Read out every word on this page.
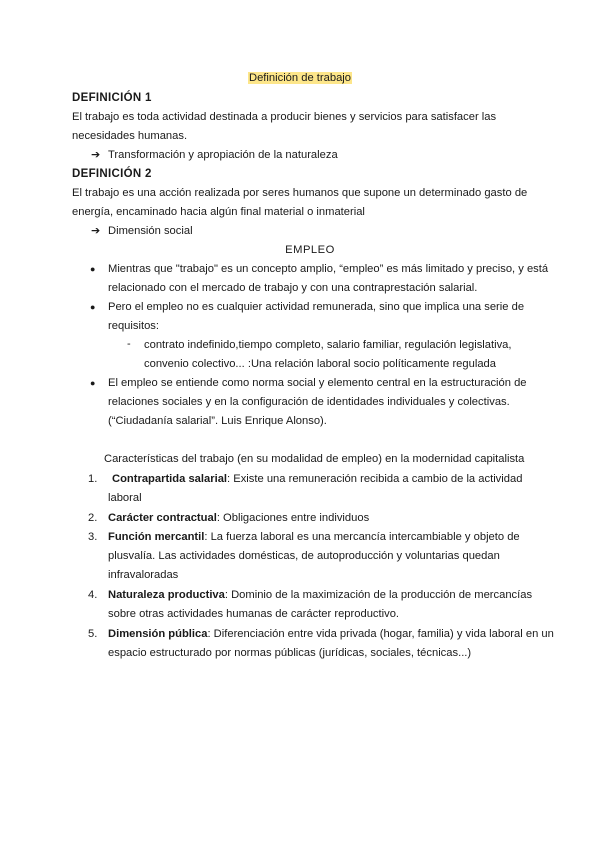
Definición de trabajo
DEFINICIÓN 1
El trabajo es toda actividad destinada a producir bienes y servicios para satisfacer las
necesidades humanas.
➔ Transformación y apropiación de la naturaleza
DEFINICIÓN 2
El trabajo es una acción realizada por seres humanos que supone un determinado gasto de
energía, encaminado hacia algún final material o inmaterial
➔ Dimensión social
EMPLEO
● Mientras que "trabajo" es un concepto amplio, “empleo” es más limitado y preciso, y está
relacionado con el mercado de trabajo y con una contraprestación salarial.
● Pero el empleo no es cualquier actividad remunerada, sino que implica una serie de
requisitos:
- contrato indefinido,tiempo completo, salario familiar, regulación legislativa,
convenio colectivo... :Una relación laboral socio políticamente regulada
● El empleo se entiende como norma social y elemento central en la estructuración de
relaciones sociales y en la configuración de identidades individuales y colectivas.
(“Ciudadanía salarial”. Luis Enrique Alonso).
Características del trabajo (en su modalidad de empleo) en la modernidad capitalista
1. Contrapartida salarial: Existe una remuneración recibida a cambio de la actividad
laboral
2. Carácter contractual: Obligaciones entre individuos
3. Función mercantil: La fuerza laboral es una mercancía intercambiable y objeto de
plusvalía. Las actividades domésticas, de autoproducción y voluntarias quedan
infravaloradas
4. Naturaleza productiva: Dominio de la maximización de la producción de mercancías
sobre otras actividades humanas de carácter reproductivo.
5. Dimensión pública: Diferenciación entre vida privada (hogar, familia) y vida laboral en un
espacio estructurado por normas públicas (jurídicas, sociales, técnicas...)
